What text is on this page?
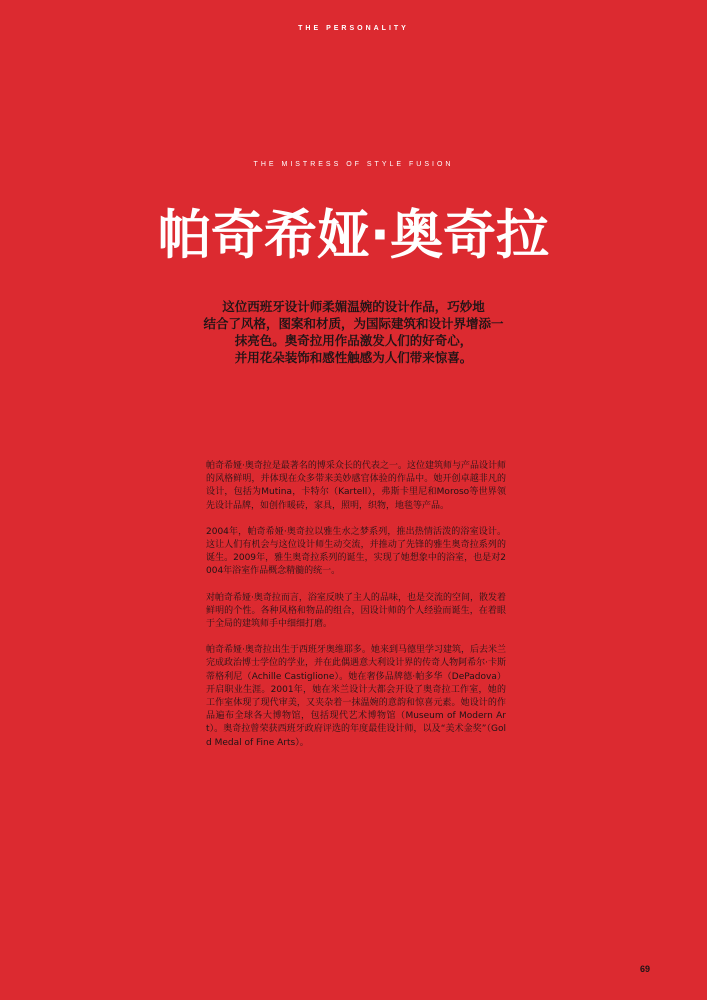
THE PERSONALITY
THE MISTRESS OF STYLE FUSION
帕奇希娅·奥奇拉
这位西班牙设计师柔媚温婉的设计作品，巧妙地
结合了风格，图案和材质，为国际建筑和设计界增添一
抹亮色。奥奇拉用作品激发人们的好奇心，
并用花朵装饰和感性触感为人们带来惊喜。

帕奇希娅·奥奇拉是最著名的博采众长的代表之一。这位建筑师与产品设计师的风格鲜明，并体现在众多带来美妙感官体验的作品中。她开创卓越非凡的设计，包括为Mutina，卡特尔（Kartell），弗斯卡里尼和Moroso等世界领先设计品牌，如创作暖砖，家具，照明，织物，地毯等产品。

2004年，帕奇希娅·奥奇拉以雅生水之梦系列，推出热情活泼的浴室设计。这让人们有机会与这位设计师生动交流，并推动了先锋的雅生奥奇拉系列的诞生。2009年，雅生奥奇拉系列的诞生，实现了她想象中的浴室，也是对2004年浴室作品概念精髓的统一。

对帕奇希娅·奥奇拉而言，浴室反映了主人的品味，也是交流的空间，散发着鲜明的个性。各种风格和物品的组合，因设计师的个人经验而诞生，在着眼于全局的建筑师手中细细打磨。

帕奇希娅·奥奇拉出生于西班牙奥维耶多。她来到马德里学习建筑，后去米兰完成政治博士学位的学业，并在此偶遇意大利设计界的传奇人物阿希尔·卡斯蒂格利尼（Achille Castiglione）。她在奢侈品牌德·帕多华（DePadova）开启职业生涯。2001年，她在米兰设计大都会开设了奥奇拉工作室，她的工作室体现了现代审美，又夹杂着一抹温婉的意韵和惊喜元素。她设计的作品遍布全球各大博物馆，包括现代艺术博物馆（Museum of Modern Art）。奥奇拉曾荣获西班牙政府评选的年度最佳设计师，以及“美术金奖”（Gold Medal of Fine Arts）。

69
